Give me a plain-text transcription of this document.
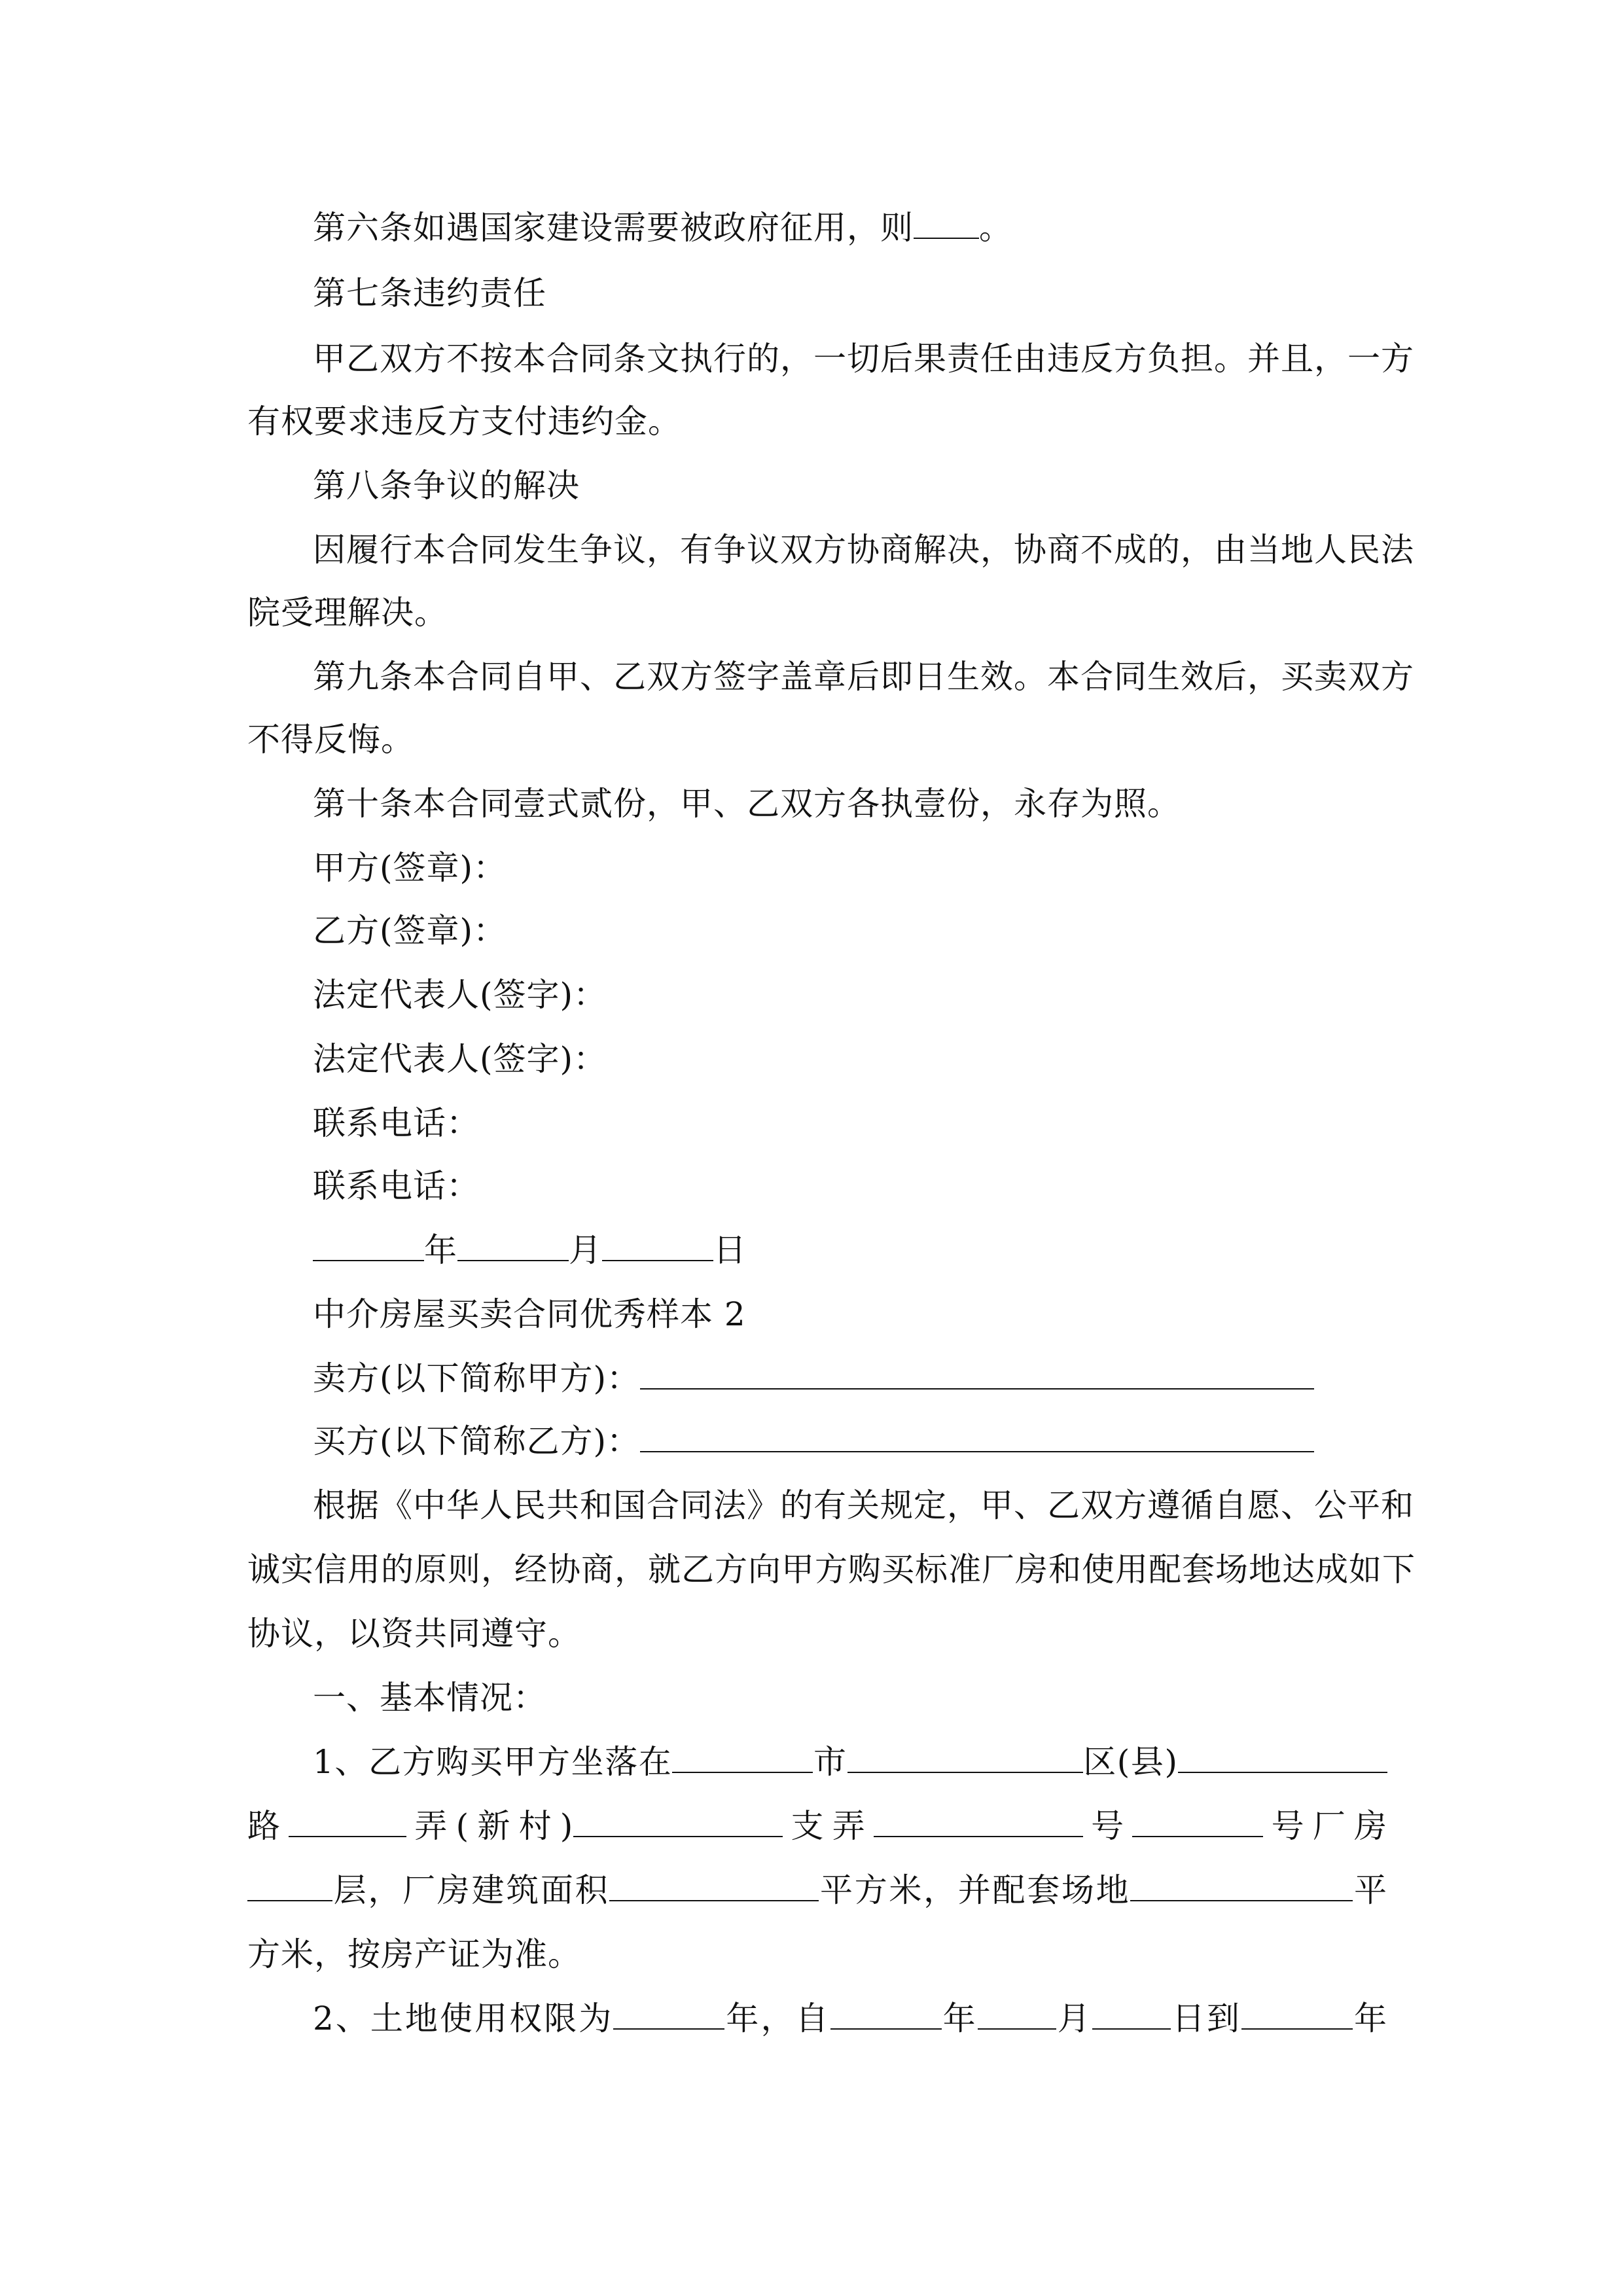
第六条如遇国家建设需要被政府征用，则 。
第七条违约责任
甲乙双方不按本合同条文执行的，一切后果责任由违反方负担。并且，一方
有权要求违反方支付违约金。
第八条争议的解决
因履行本合同发生争议，有争议双方协商解决，协商不成的，由当地人民法
院受理解决。
第九条本合同自甲、乙双方签字盖章后即日生效。本合同生效后，买卖双方
不得反悔。
第十条本合同壹式贰份，甲、乙双方各执壹份，永存为照。
甲方(签章)：
乙方(签章)：
法定代表人(签字)：
法定代表人(签字)：
联系电话：
联系电话：
年	月	日
中介房屋买卖合同优秀样本 2
卖方(以下简称甲方)：
买方(以下简称乙方)：
根据《中华人民共和国合同法》的有关规定，甲、乙双方遵循自愿、公平和
诚实信用的原则，经协商，就乙方向甲方购买标准厂房和使用配套场地达成如下
协议，以资共同遵守。
一、基本情况：
1、乙方购买甲方坐落在	市	区(县)
路	弄(新村)	支弄	号	号厂房
层，厂房建筑面积	平方米，并配套场地	平
方米，按房产证为准。
2、土地使用权限为	年，自	年 月 日到	年
